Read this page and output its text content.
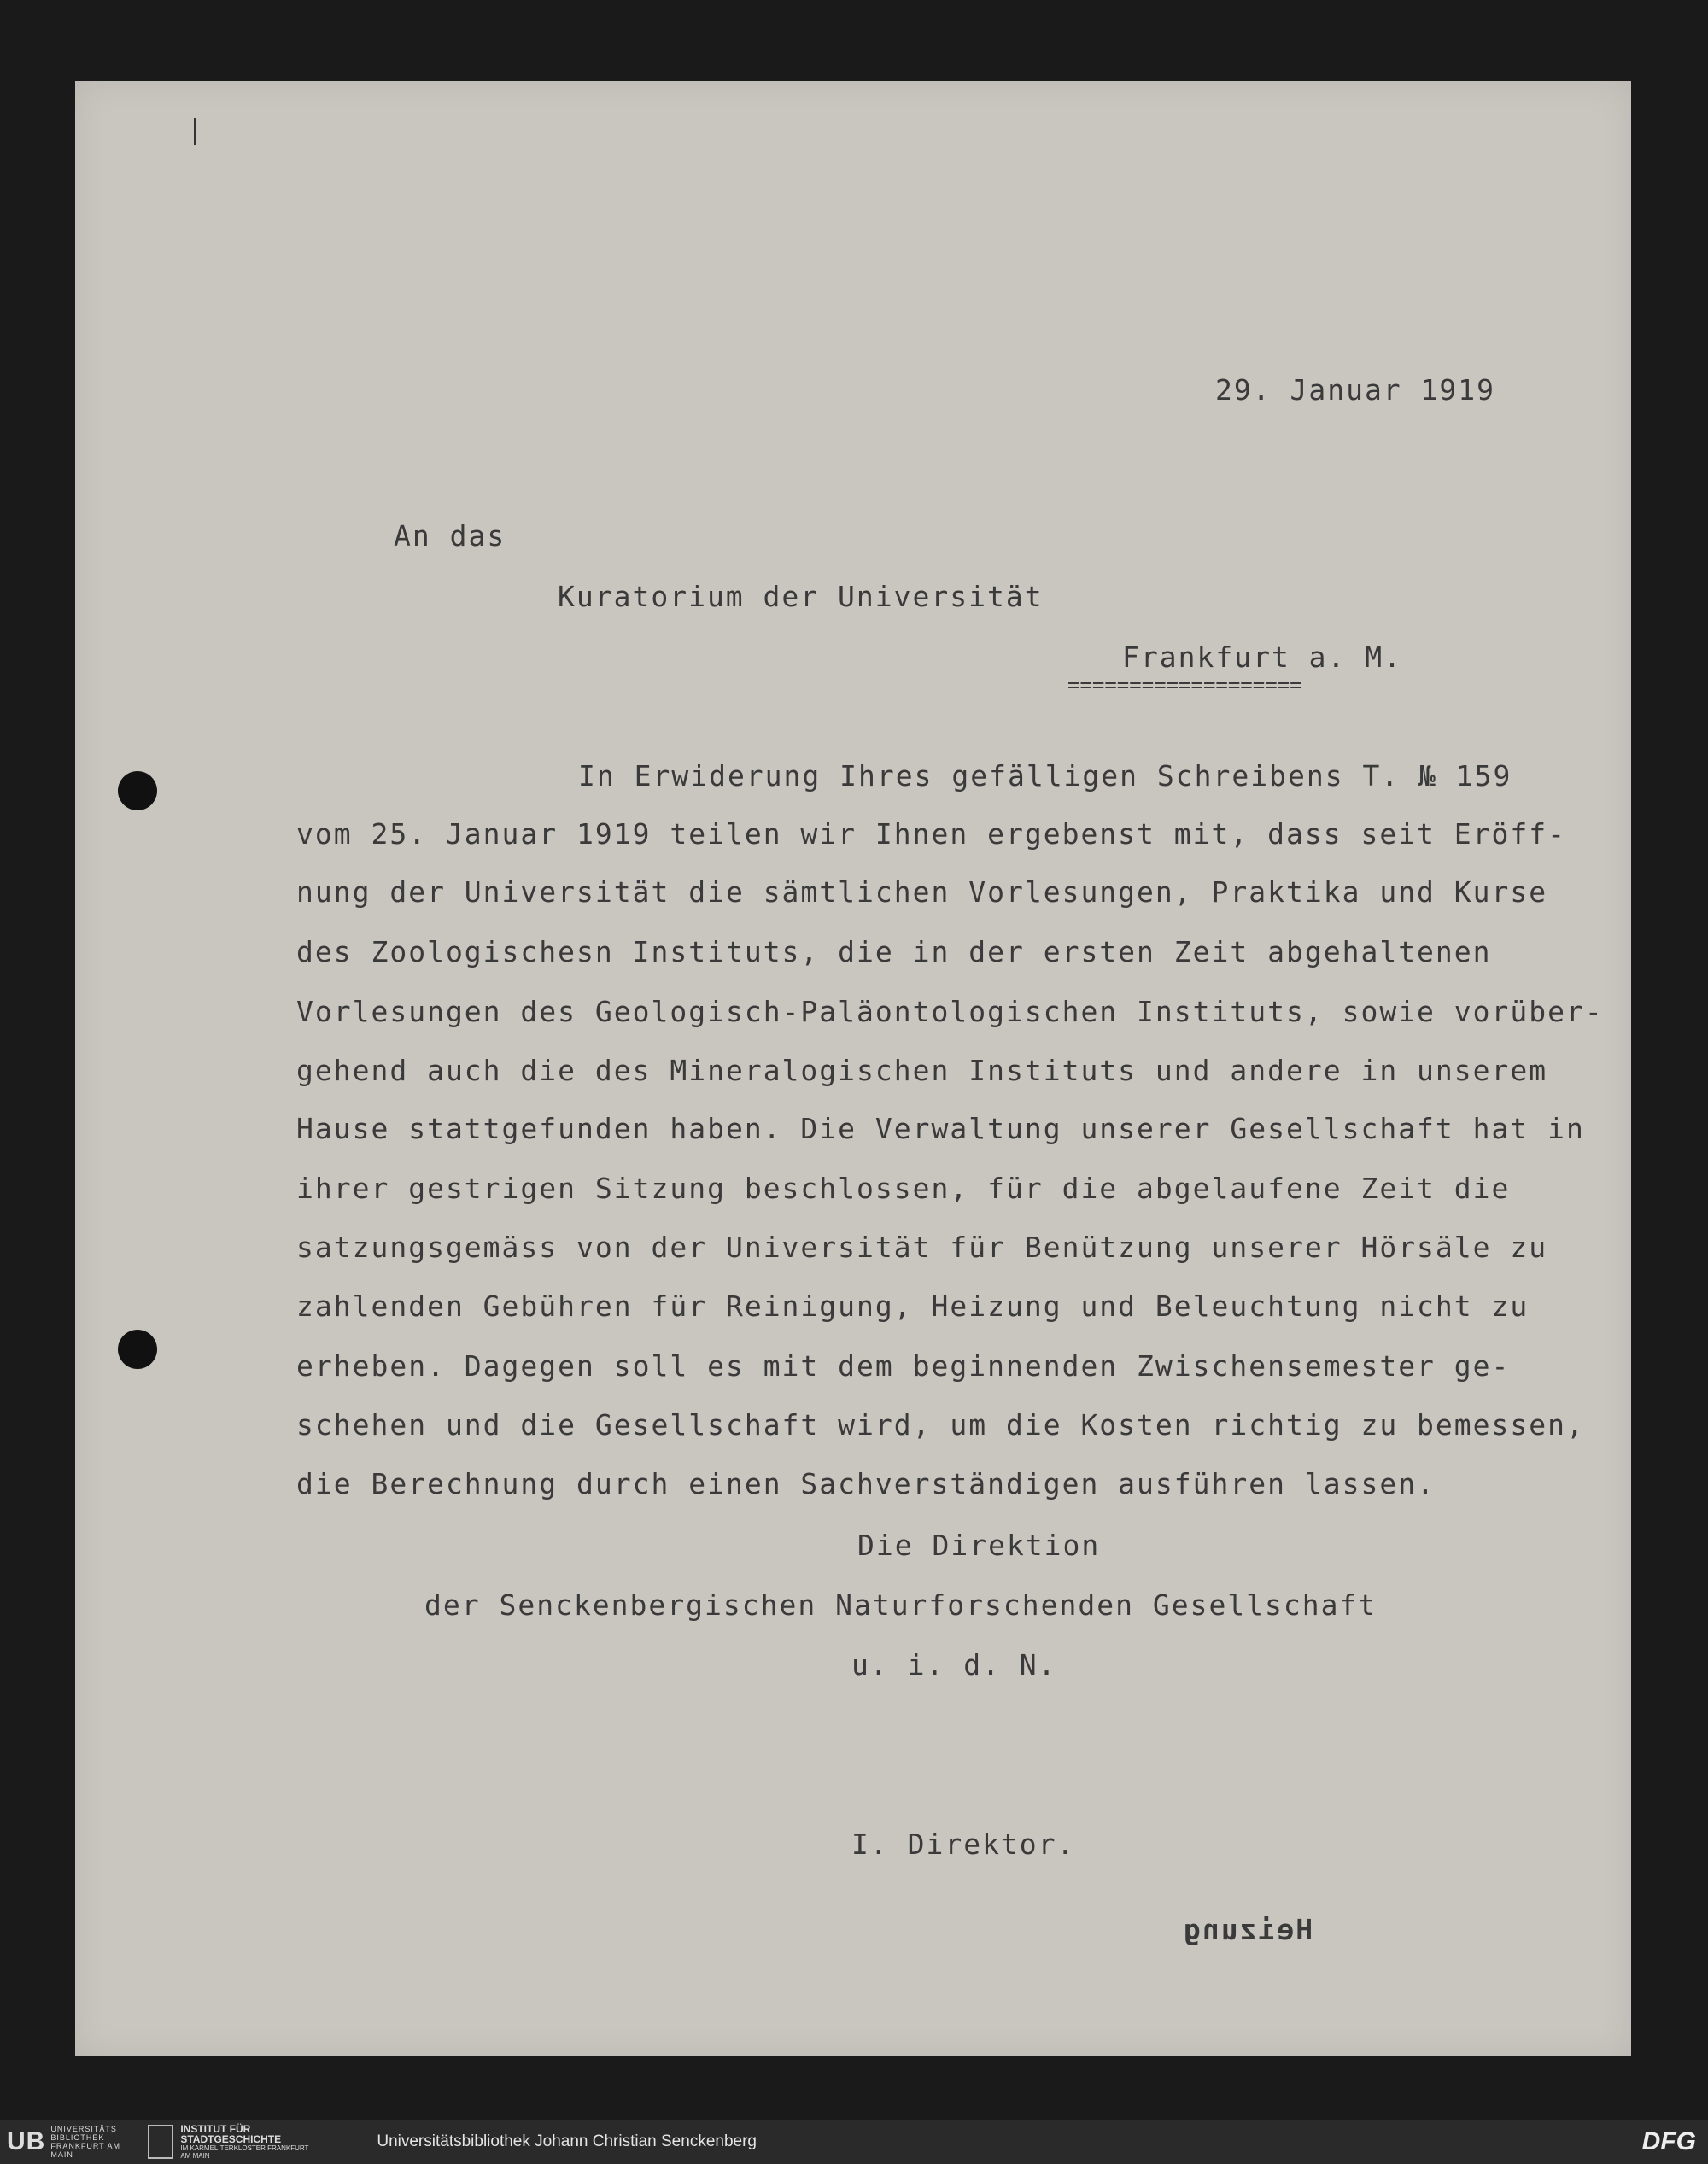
29. Januar 1919
An das
Kuratorium der Universität
Frankfurt a. M.
===================
In Erwiderung Ihres gefälligen Schreibens T. № 159
vom 25. Januar 1919 teilen wir Ihnen ergebenst mit, dass seit Eröff-
nung der Universität die sämtlichen Vorlesungen, Praktika und Kurse
des Zoologischesn Instituts, die in der ersten Zeit abgehaltenen
Vorlesungen des Geologisch-Paläontologischen Instituts, sowie vorüber-
gehend auch die des Mineralogischen Instituts und andere in unserem
Hause stattgefunden haben. Die Verwaltung unserer Gesellschaft hat in
ihrer gestrigen Sitzung beschlossen, für die abgelaufene Zeit die
satzungsgemäss von der Universität für Benützung unserer Hörsäle zu
zahlenden Gebühren für Reinigung, Heizung und Beleuchtung nicht zu
erheben. Dagegen soll es mit dem beginnenden Zwischensemester ge-
schehen und die Gesellschaft wird, um die Kosten richtig zu bemessen,
die Berechnung durch einen Sachverständigen ausführen lassen.
Die Direktion
der Senckenbergischen Naturforschenden Gesellschaft
u. i. d. N.
I. Direktor.
Heizung
UB UNIVERSITÄTS BIBLIOTHEK FRANKFURT AM MAIN
INSTITUT FÜR STADTGESCHICHTE
IM KARMELITERKLOSTER FRANKFURT AM MAIN
Universitätsbibliothek Johann Christian Senckenberg	DFG
